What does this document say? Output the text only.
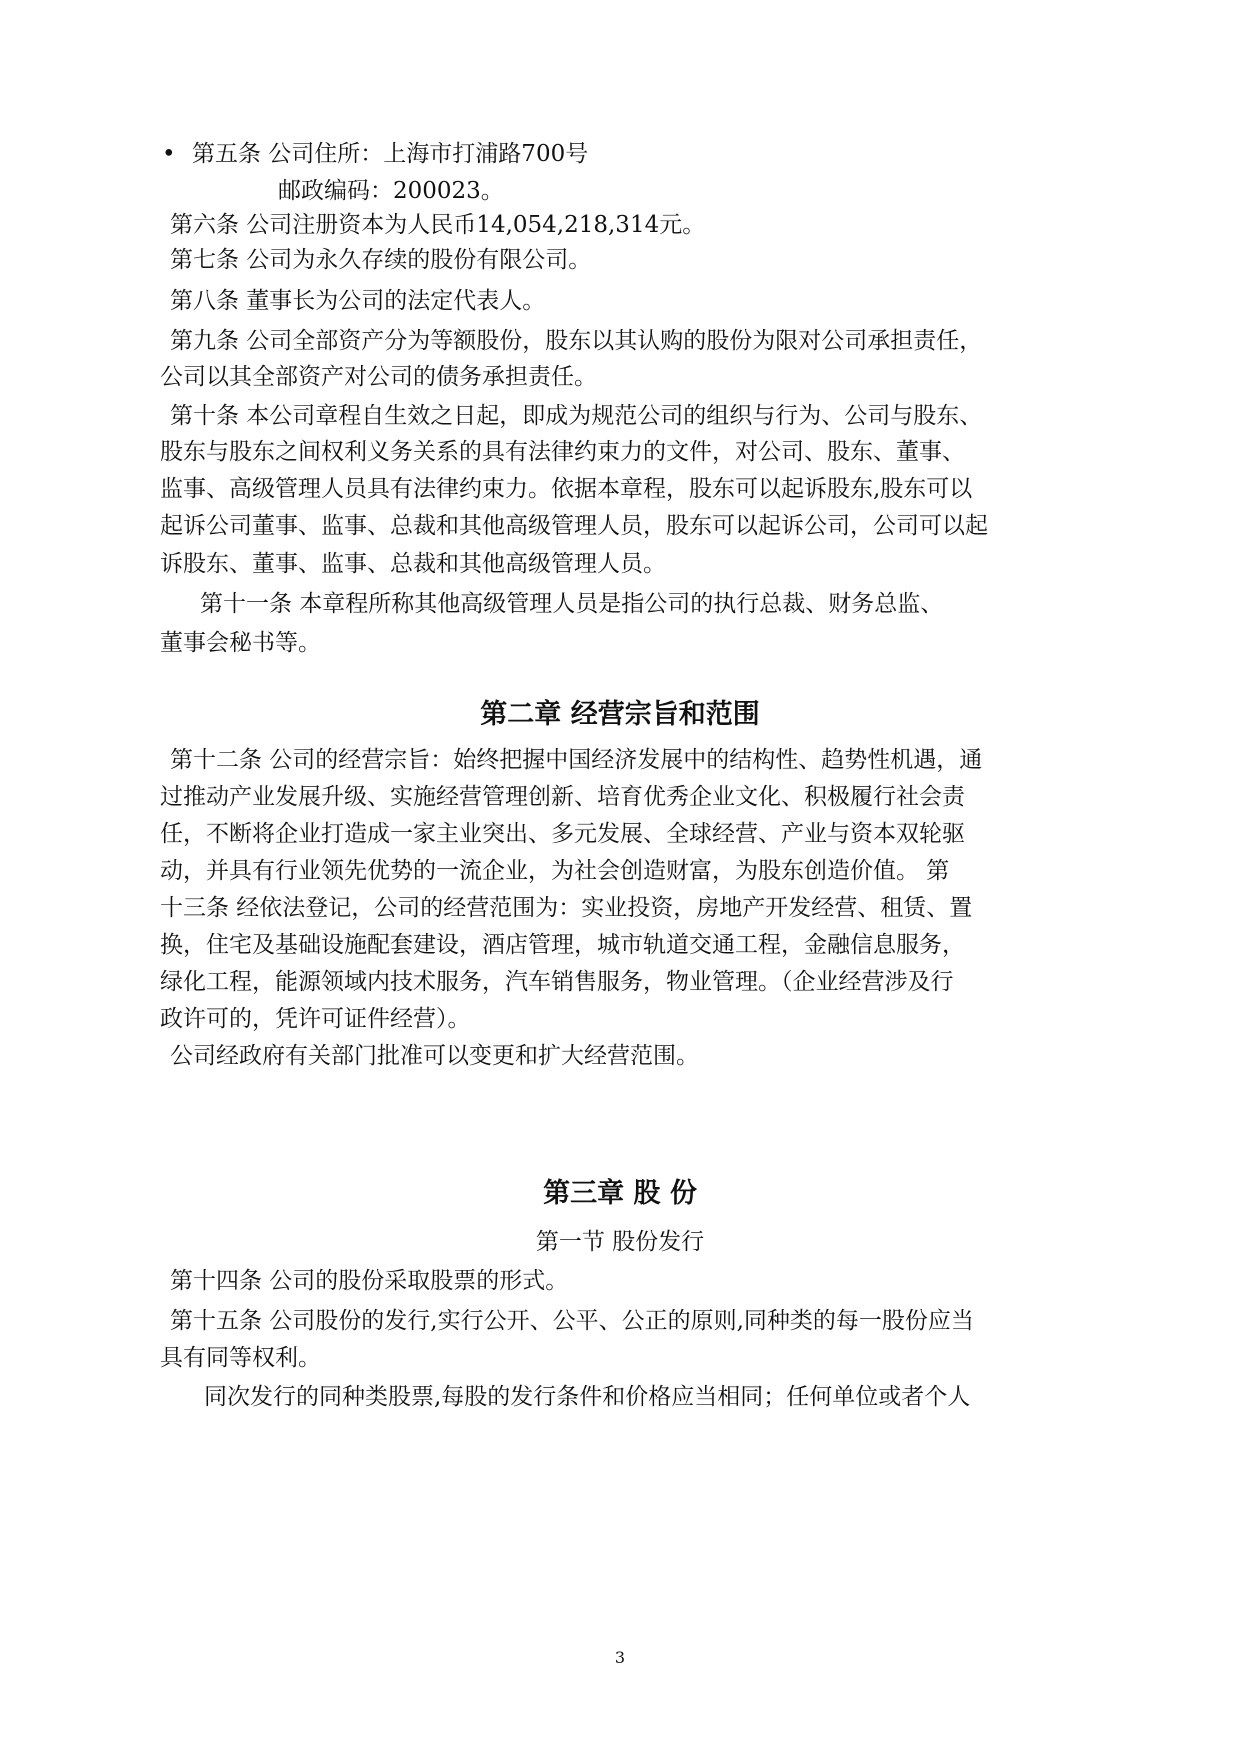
• 第五条 公司住所：上海市打浦路700号

邮政编码：200023。

第六条 公司注册资本为人民币14,054,218,314元。

第七条 公司为永久存续的股份有限公司。

第八条 董事长为公司的法定代表人。

第九条 公司全部资产分为等额股份，股东以其认购的股份为限对公司承担责任，

公司以其全部资产对公司的债务承担责任。

第十条 本公司章程自生效之日起，即成为规范公司的组织与行为、公司与股东、

股东与股东之间权利义务关系的具有法律约束力的文件，对公司、股东、董事、

监事、高级管理人员具有法律约束力。依据本章程，股东可以起诉股东,股东可以

起诉公司董事、监事、总裁和其他高级管理人员，股东可以起诉公司，公司可以起

诉股东、董事、监事、总裁和其他高级管理人员。

第十一条 本章程所称其他高级管理人员是指公司的执行总裁、财务总监、

董事会秘书等。

第二章 经营宗旨和范围

第十二条 公司的经营宗旨：始终把握中国经济发展中的结构性、趋势性机遇，通

过推动产业发展升级、实施经营管理创新、培育优秀企业文化、积极履行社会责

任，不断将企业打造成一家主业突出、多元发展、全球经营、产业与资本双轮驱

动，并具有行业领先优势的一流企业，为社会创造财富，为股东创造价值。 第

十三条 经依法登记，公司的经营范围为：实业投资，房地产开发经营、租赁、置

换，住宅及基础设施配套建设，酒店管理，城市轨道交通工程，金融信息服务，

绿化工程，能源领域内技术服务，汽车销售服务，物业管理。（企业经营涉及行

政许可的，凭许可证件经营）。

公司经政府有关部门批准可以变更和扩大经营范围。

第三章 股 份

第一节 股份发行

第十四条 公司的股份采取股票的形式。

第十五条 公司股份的发行,实行公开、公平、公正的原则,同种类的每一股份应当

具有同等权利。

同次发行的同种类股票,每股的发行条件和价格应当相同；任何单位或者个人

3
